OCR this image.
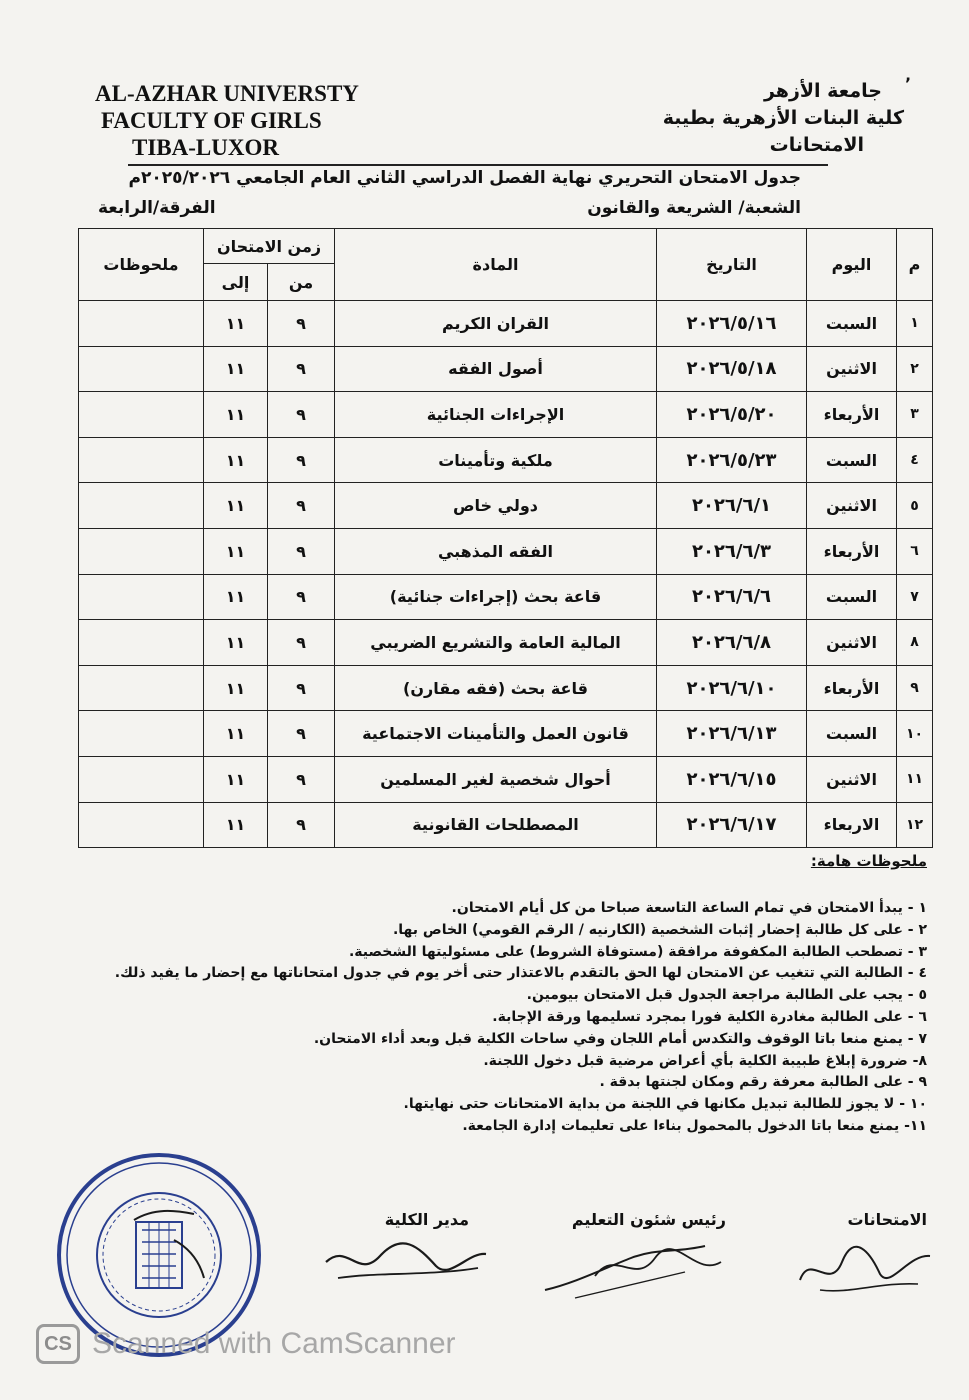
ʼ
AL-AZHAR UNIVERSTY
FACULTY OF GIRLS
TIBA-LUXOR
جامعة الأزهر
كلية البنات الأزهرية بطيبة
الامتحانات
جدول الامتحان التحريري نهاية الفصل الدراسي الثاني العام الجامعي ٢٠٢٥/٢٠٢٦م
الشعبة/ الشريعة والقانون
الفرقة/الرابعة
م	اليوم	التاريخ	المادة	زمن الامتحان		ملحوظات
				من	إلى	
١	السبت	٢٠٢٦/٥/١٦	القران الكريم	٩	١١	
٢	الاثنين	٢٠٢٦/٥/١٨	أصول الفقه	٩	١١	
٣	الأربعاء	٢٠٢٦/٥/٢٠	الإجراءات الجنائية	٩	١١	
٤	السبت	٢٠٢٦/٥/٢٣	ملكية وتأمينات	٩	١١	
٥	الاثنين	٢٠٢٦/٦/١	دولي خاص	٩	١١	
٦	الأربعاء	٢٠٢٦/٦/٣	الفقه المذهبي	٩	١١	
٧	السبت	٢٠٢٦/٦/٦	قاعة بحث (إجراءات جنائية)	٩	١١	
٨	الاثنين	٢٠٢٦/٦/٨	المالية العامة والتشريع الضريبي	٩	١١	
٩	الأربعاء	٢٠٢٦/٦/١٠	قاعة بحث (فقه مقارن)	٩	١١	
١٠	السبت	٢٠٢٦/٦/١٣	قانون العمل والتأمينات الاجتماعية	٩	١١	
١١	الاثنين	٢٠٢٦/٦/١٥	أحوال شخصية لغير المسلمين	٩	١١	
١٢	الاربعاء	٢٠٢٦/٦/١٧	المصطلحات القانونية	٩	١١	
ملحوظات هامة:
١ - يبدأ الامتحان في تمام الساعة التاسعة صباحا من كل أيام الامتحان.
٢ - على كل طالبة إحضار إثبات الشخصية (الكارنيه / الرقم القومي) الخاص بها.
٣ - تصطحب الطالبة المكفوفة مرافقة (مستوفاة الشروط) على مسئوليتها الشخصية.
٤ - الطالبة التي تتغيب عن الامتحان لها الحق بالتقدم بالاعتذار حتى أخر يوم في جدول امتحاناتها مع إحضار ما يفيد ذلك.
٥ - يجب على الطالبة مراجعة الجدول قبل الامتحان بيومين.
٦ - على الطالبة مغادرة الكلية فورا بمجرد تسليمها ورقة الإجابة.
٧ - يمنع منعا باتا الوقوف والتكدس أمام اللجان وفي ساحات الكلية قبل وبعد أداء الامتحان.
٨- ضرورة إبلاغ طبيبة الكلية بأي أعراض مرضية قبل دخول اللجنة.
٩ - على الطالبة معرفة رقم ومكان لجنتها بدقة .
١٠ - لا يجوز للطالبة تبديل مكانها في اللجنة من بداية الامتحانات حتى نهايتها.
١١- يمنع منعا باتا الدخول بالمحمول بناءا على تعليمات إدارة الجامعة.
الامتحانات
رئيس شئون التعليم
مدير الكلية
CS Scanned with CamScanner
